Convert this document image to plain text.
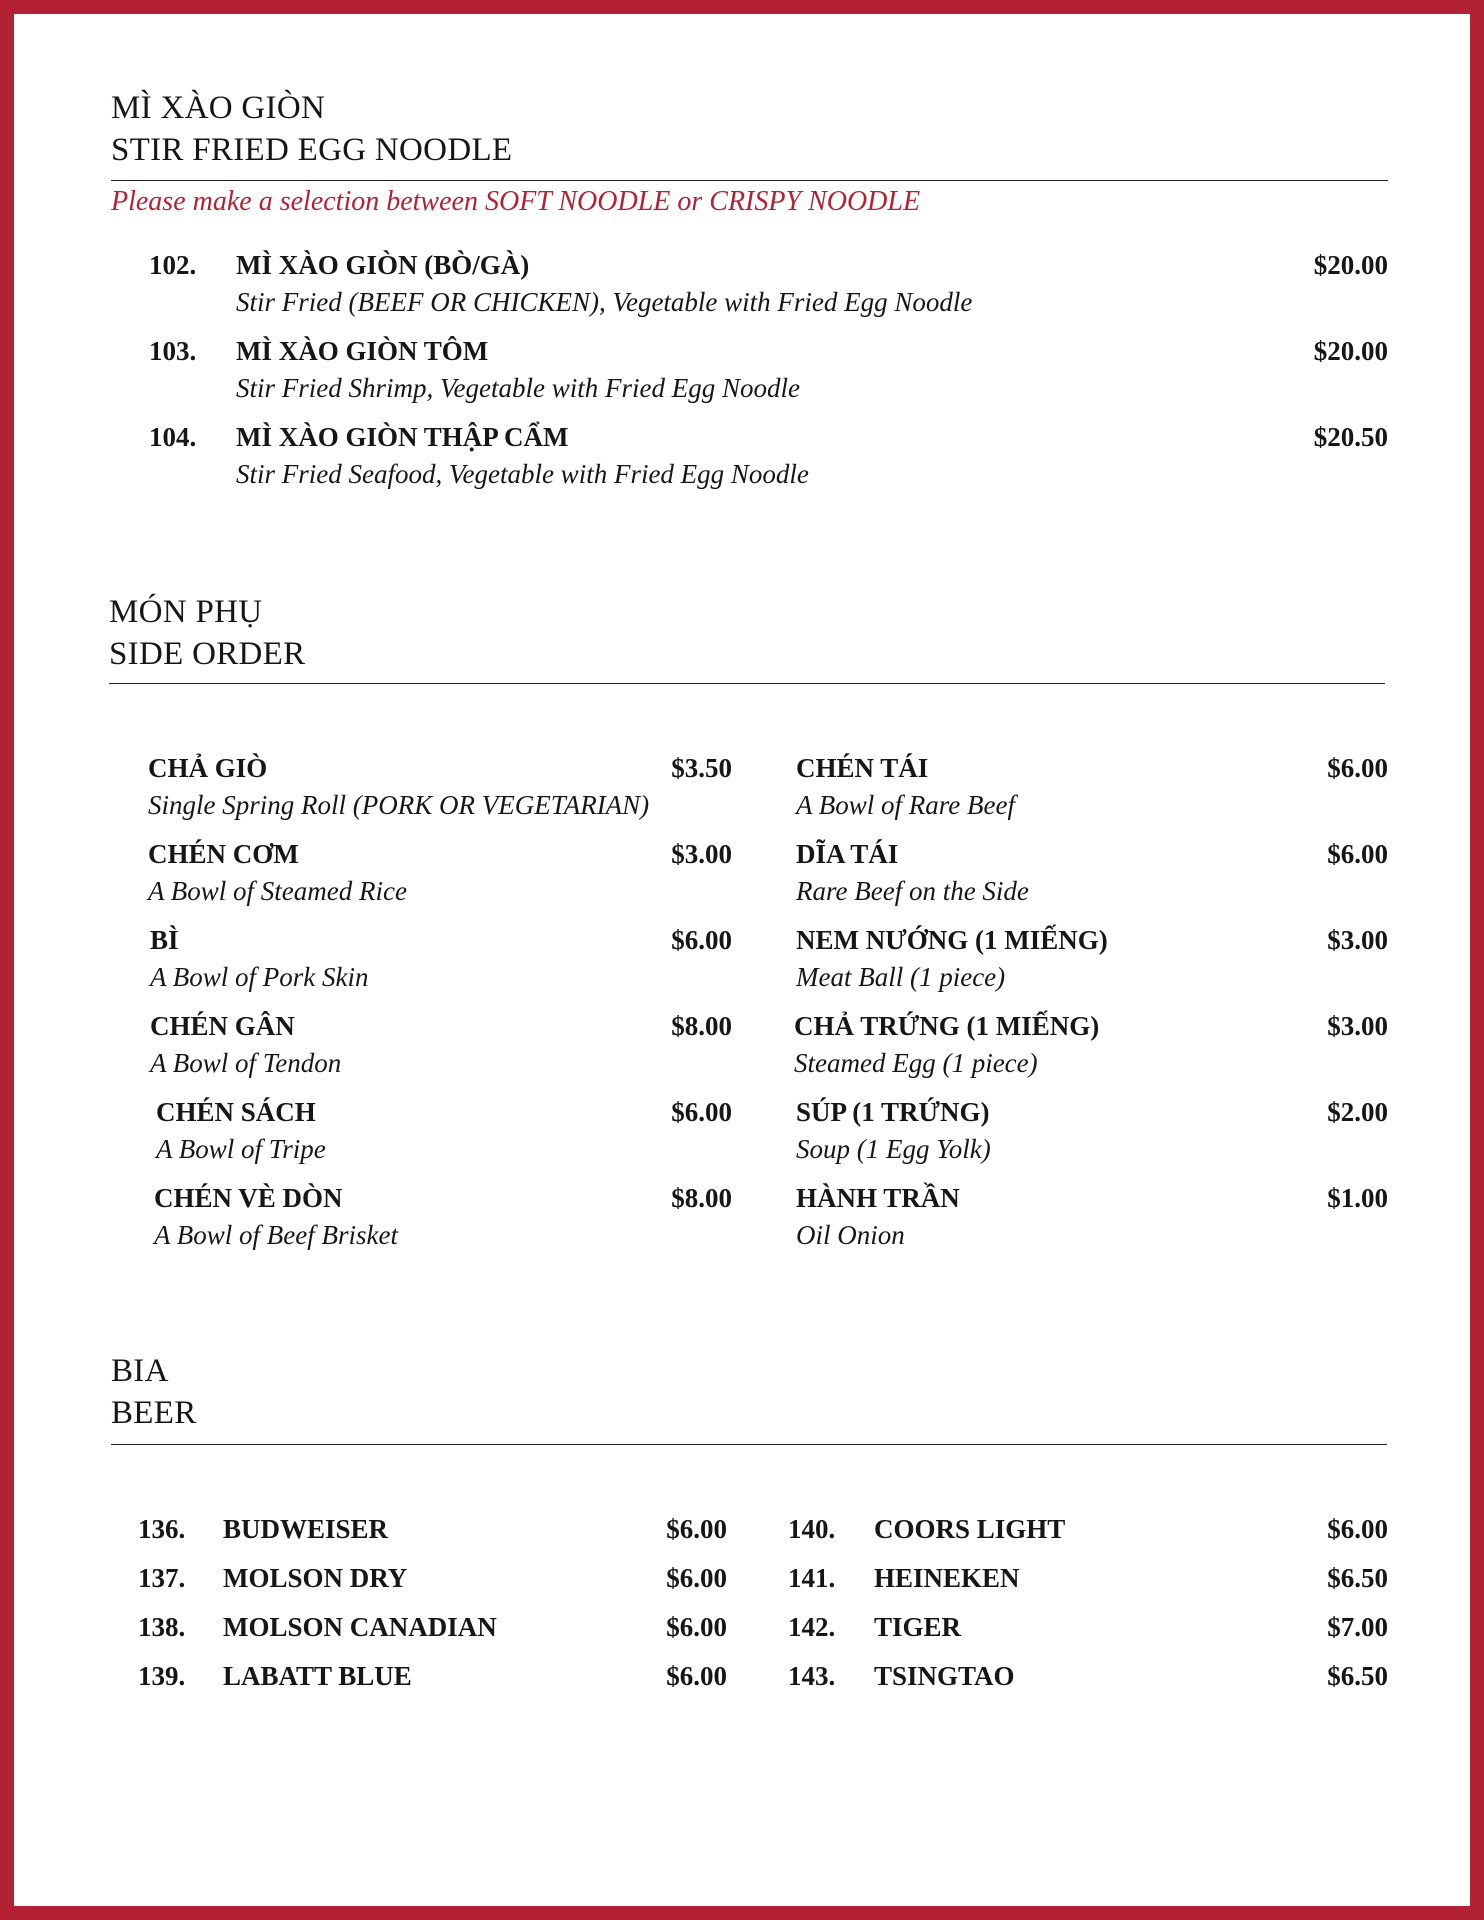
MÌ XÀO GIÒN
STIR FRIED EGG NOODLE
Please make a selection between SOFT NOODLE or CRISPY NOODLE
102. MÌ XÀO GIÒN (BÒ/GÀ)	$20.00
Stir Fried (BEEF OR CHICKEN), Vegetable with Fried Egg Noodle
103. MÌ XÀO GIÒN TÔM	$20.00
Stir Fried Shrimp, Vegetable with Fried Egg Noodle
104. MÌ XÀO GIÒN THẬP CẨM	$20.50
Stir Fried Seafood, Vegetable with Fried Egg Noodle
MÓN PHỤ
SIDE ORDER
CHẢ GIÒ	$3.50
Single Spring Roll (PORK OR VEGETARIAN)
CHÉN CƠM	$3.00
A Bowl of Steamed Rice
BÌ	$6.00
A Bowl of Pork Skin
CHÉN GÂN	$8.00
A Bowl of Tendon
CHÉN SÁCH	$6.00
A Bowl of Tripe
CHÉN VÈ DÒN	$8.00
A Bowl of Beef Brisket
CHÉN TÁI	$6.00
A Bowl of Rare Beef
DĨA TÁI	$6.00
Rare Beef on the Side
NEM NƯỚNG (1 MIẾNG)	$3.00
Meat Ball (1 piece)
CHẢ TRỨNG (1 MIẾNG)	$3.00
Steamed Egg (1 piece)
SÚP (1 TRỨNG)	$2.00
Soup (1 Egg Yolk)
HÀNH TRẦN	$1.00
Oil Onion
BIA
BEER
136. BUDWEISER	$6.00
137. MOLSON DRY	$6.00
138. MOLSON CANADIAN	$6.00
139. LABATT BLUE	$6.00
140. COORS LIGHT	$6.00
141. HEINEKEN	$6.50
142. TIGER	$7.00
143. TSINGTAO	$6.50
